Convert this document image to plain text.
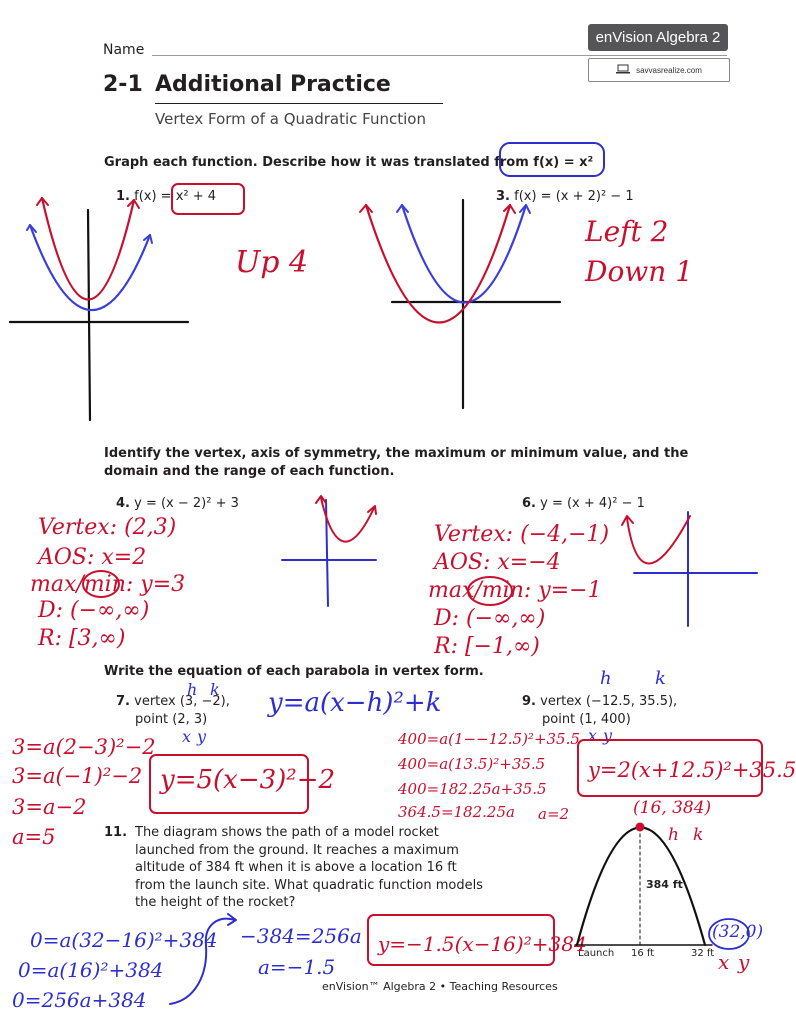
Name
enVision Algebra 2
savvasrealize.com
2-1 Additional Practice
Vertex Form of a Quadratic Function
Graph each function. Describe how it was translated from f(x) = x²
1. f(x) = x² + 4	3. f(x) = (x + 2)² − 1
Up 4
Left 2
Down 1
Identify the vertex, axis of symmetry, the maximum or minimum value, and the
domain and the range of each function.
4. y = (x − 2)² + 3	6. y = (x + 4)² − 1
Vertex: (2,3)
AOS: x=2
max/min: y=3
D: (−∞,∞)
R: [3,∞)
Vertex: (−4,−1)
AOS: x=−4
max/min: y=−1
D: (−∞,∞)
R: [−1,∞)
Write the equation of each parabola in vertex form.
7. vertex (3, −2),
point (2, 3)
9. vertex (−12.5, 35.5),
point (1, 400)
h k
x y
y=a(x−h)²+k
h k
x y
3=a(2−3)²−2
3=a(−1)²−2
3=a−2
a=5
y=5(x−3)²−2
400=a(1−−12.5)²+35.5
400=a(13.5)²+35.5
400=182.25a+35.5
364.5=182.25a a=2
y=2(x+12.5)²+35.5
11. The diagram shows the path of a model rocket
launched from the ground. It reaches a maximum
altitude of 384 ft when it is above a location 16 ft
from the launch site. What quadratic function models
the height of the rocket?
384 ft
Launch 16 ft	32 ft
(16, 384)
h k
(32,0)
x y
0=a(32−16)²+384
0=a(16)²+384
0=256a+384
−384=256a
a=−1.5
y=−1.5(x−16)²+384
enVision™ Algebra 2 • Teaching Resources
